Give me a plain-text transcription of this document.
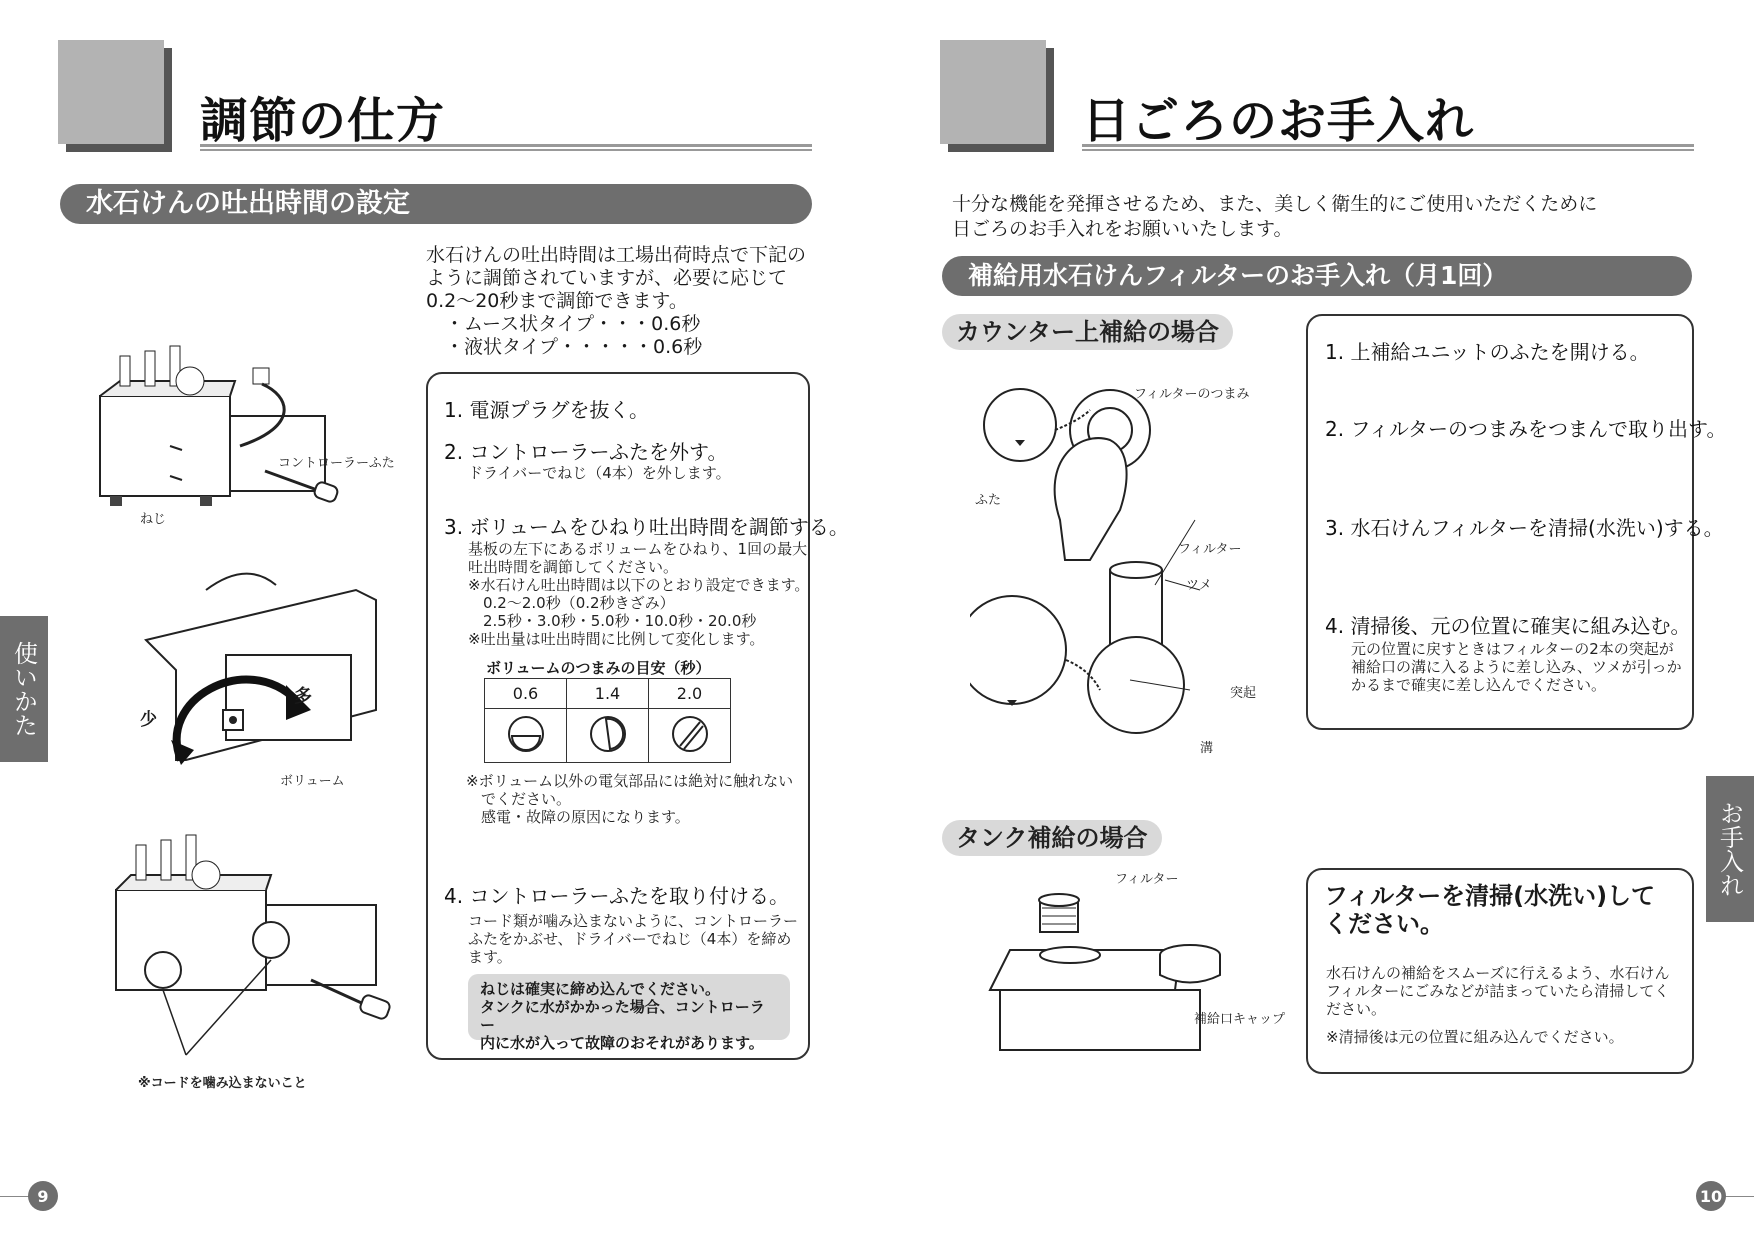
調節の仕方
水石けんの吐出時間の設定
水石けんの吐出時間は工場出荷時点で下記の
ように調節されていますが、必要に応じて
0.2～20秒まで調節できます。
　・ムース状タイプ・・・0.6秒
　・液状タイプ・・・・・0.6秒
1. 電源プラグを抜く。
2. コントローラーふたを外す。
ドライバーでねじ（4本）を外します。
3. ボリュームをひねり吐出時間を調節する。
基板の左下にあるボリュームをひねり、1回の最大
吐出時間を調節してください。
※水石けん吐出時間は以下のとおり設定できます。
　0.2～2.0秒（0.2秒きざみ）
　2.5秒・3.0秒・5.0秒・10.0秒・20.0秒
※吐出量は吐出時間に比例して変化します。
ボリュームのつまみの目安（秒）
0.6	1.4	2.0

※ボリューム以外の電気部品には絶対に触れない
　でください。
　感電・故障の原因になります。
4. コントローラーふたを取り付ける。
コード類が噛み込まないように、コントローラー
ふたをかぶせ、ドライバーでねじ（4本）を締め
ます。
ねじは確実に締め込んでください。
タンクに水がかかった場合、コントローラー
内に水が入って故障のおそれがあります。
コントローラーふた
ねじ
少
多
ボリューム
※コードを噛み込まないこと
使いかた
9
日ごろのお手入れ
十分な機能を発揮させるため、また、美しく衛生的にご使用いただくために
日ごろのお手入れをお願いいたします。
補給用水石けんフィルターのお手入れ（月1回）
カウンター上補給の場合
1. 上補給ユニットのふたを開ける。
2. フィルターのつまみをつまんで取り出す。
3. 水石けんフィルターを清掃(水洗い)する。
4. 清掃後、元の位置に確実に組み込む。
元の位置に戻すときはフィルターの2本の突起が
補給口の溝に入るように差し込み、ツメが引っか
かるまで確実に差し込んでください。
フィルターのつまみ
ふた
フィルター
ツメ
突起
溝
タンク補給の場合
フィルター
補給口キャップ
フィルターを清掃(水洗い)して
ください。
水石けんの補給をスムーズに行えるよう、水石けん
フィルターにごみなどが詰まっていたら清掃してく
ださい。
※清掃後は元の位置に組み込んでください。
お手入れ
10
